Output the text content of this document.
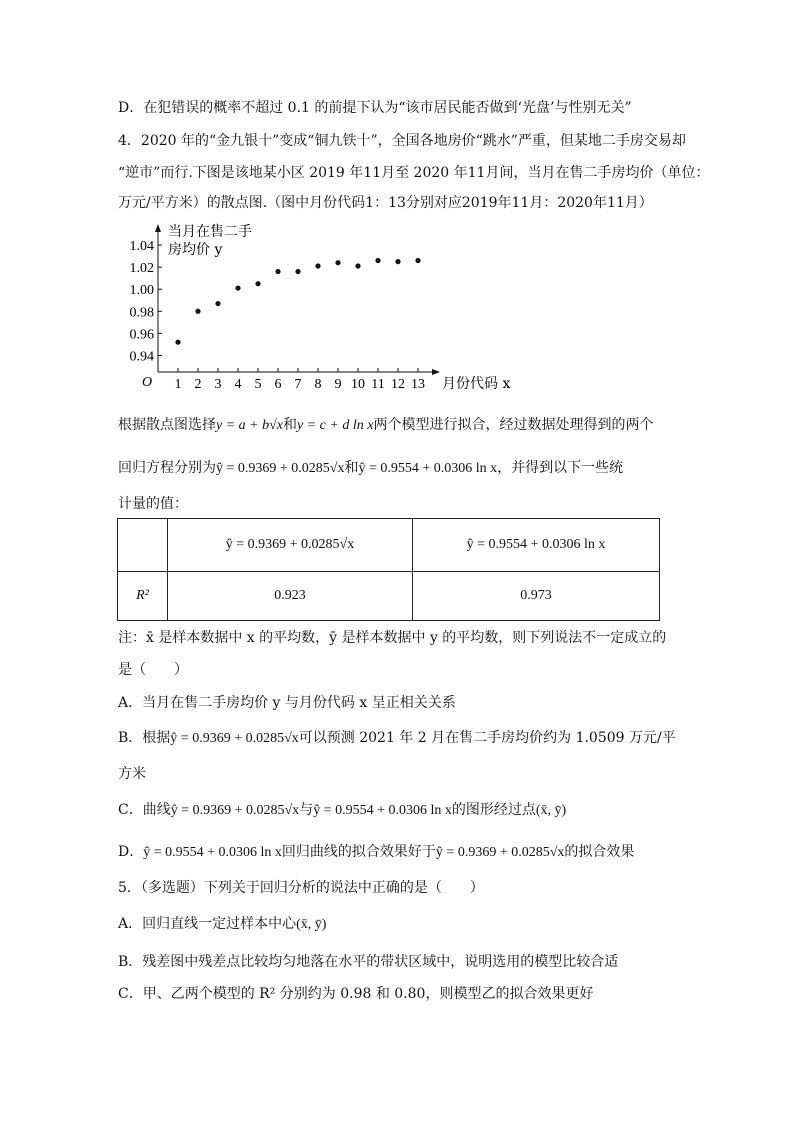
D．在犯错误的概率不超过 0.1 的前提下认为“该市居民能否做到‘光盘’与性别无关”
4．2020 年的“金九银十”变成“铜九铁十”，全国各地房价“跳水”严重，但某地二手房交易却
“逆市”而行.下图是该地某小区 2019 年11月至 2020 年11月间，当月在售二手房均价（单位：
万元/平方米）的散点图.（图中月份代码1：13分别对应2019年11月：2020年11月）
0.94
0.96
0.98
1.00
1.02
1.04
1 2 3 4 5 6 7 8 9 10 11 12 13
当月在售二手
房均价 y
月份代码 x
O
根据散点图选择y = a + b√x和y = c + d ln x两个模型进行拟合，经过数据处理得到的两个
回归方程分别为ŷ = 0.9369 + 0.0285√x和ŷ = 0.9554 + 0.0306 ln x，并得到以下一些统
计量的值：
	ŷ = 0.9369 + 0.0285√x	ŷ = 0.9554 + 0.0306 ln x
R²	0.923	0.973
注：x̄ 是样本数据中 x 的平均数，ȳ 是样本数据中 y 的平均数，则下列说法不一定成立的
是（　　）
A．当月在售二手房均价 y 与月份代码 x 呈正相关关系
B．根据ŷ = 0.9369 + 0.0285√x可以预测 2021 年 2 月在售二手房均价约为 1.0509 万元/平
方米
C．曲线ŷ = 0.9369 + 0.0285√x与ŷ = 0.9554 + 0.0306 ln x的图形经过点(x̄, ȳ)
D．ŷ = 0.9554 + 0.0306 ln x回归曲线的拟合效果好于ŷ = 0.9369 + 0.0285√x的拟合效果
5．（多选题）下列关于回归分析的说法中正确的是（　　）
A．回归直线一定过样本中心(x̄, ȳ)
B．残差图中残差点比较均匀地落在水平的带状区域中，说明选用的模型比较合适
C．甲、乙两个模型的 R² 分别约为 0.98 和 0.80，则模型乙的拟合效果更好
